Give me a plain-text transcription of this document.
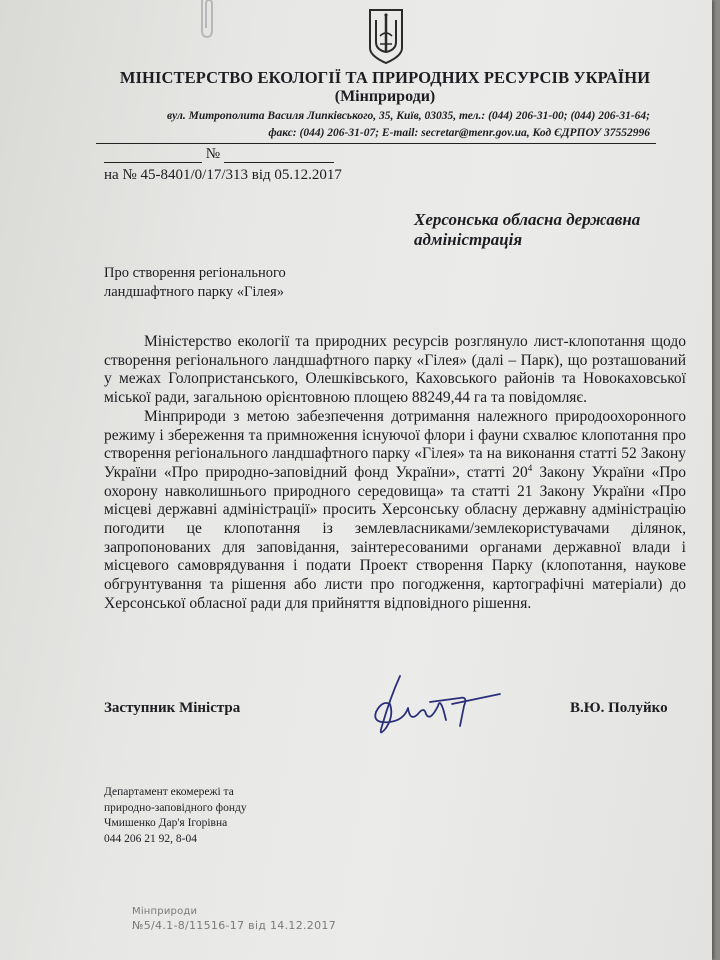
МІНІСТЕРСТВО ЕКОЛОГІЇ ТА ПРИРОДНИХ РЕСУРСІВ УКРАЇНИ
(Мінприроди)
вул. Митрополита Василя Липківського, 35, Київ, 03035, тел.: (044) 206-31-00; (044) 206-31-64;
факс: (044) 206-31-07; E-mail: secretar@menr.gov.ua, Код ЄДРПОУ 37552996
№
на № 45-8401/0/17/313 від 05.12.2017
Херсонська обласна державна
адміністрація
Про створення регіонального
ландшафтного парку «Гілея»

Міністерство екології та природних ресурсів розглянуло лист-клопотання щодо створення регіонального ландшафтного парку «Гілея» (далі – Парк), що розташований у межах Голопристанського, Олешківського, Каховського районів та Новокаховської міської ради, загальною орієнтовною площею 88249,44 га та повідомляє.

Мінприроди з метою забезпечення дотримання належного природоохоронного режиму і збереження та примноження існуючої флори і фауни схвалює клопотання про створення регіонального ландшафтного парку «Гілея» та на виконання статті 52 Закону України «Про природно-заповідний фонд України», статті $20^4$ Закону України «Про охорону навколишнього природного середовища» та статті 21 Закону України «Про місцеві державні адміністрації» просить Херсонську обласну державну адміністрацію погодити це клопотання із землевласниками/землекористувачами ділянок, запропонованих для заповідання, заінтересованими органами державної влади і місцевого самоврядування і подати Проект створення Парку (клопотання, наукове обгрунтування та рішення або листи про погодження, картографічні матеріали) до Херсонської обласної ради для прийняття відповідного рішення.

Заступник Міністра	В.Ю. Полуйко
Департамент екомережі та
природно-заповідного фонду
Чмишенко Дар'я Ігорівна
044 206 21 92, 8-04
Мінприроди
№5/4.1-8/11516-17 від 14.12.2017
